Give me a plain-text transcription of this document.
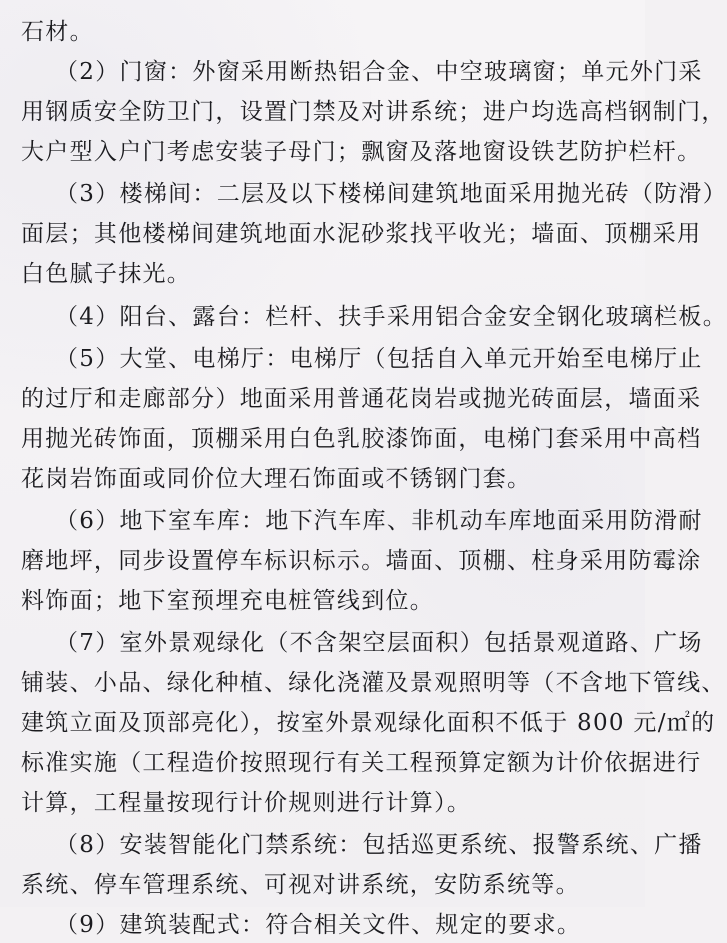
石材。
（2）门窗：外窗采用断热铝合金、中空玻璃窗；单元外门采
用钢质安全防卫门，设置门禁及对讲系统；进户均选高档钢制门，
大户型入户门考虑安装子母门；飘窗及落地窗设铁艺防护栏杆。
（3）楼梯间：二层及以下楼梯间建筑地面采用抛光砖（防滑）
面层；其他楼梯间建筑地面水泥砂浆找平收光；墙面、顶棚采用
白色腻子抹光。
（4）阳台、露台：栏杆、扶手采用铝合金安全钢化玻璃栏板。
（5）大堂、电梯厅：电梯厅（包括自入单元开始至电梯厅止
的过厅和走廊部分）地面采用普通花岗岩或抛光砖面层，墙面采
用抛光砖饰面，顶棚采用白色乳胶漆饰面，电梯门套采用中高档
花岗岩饰面或同价位大理石饰面或不锈钢门套。
（6）地下室车库：地下汽车库、非机动车库地面采用防滑耐
磨地坪，同步设置停车标识标示。墙面、顶棚、柱身采用防霉涂
料饰面；地下室预埋充电桩管线到位。
（7）室外景观绿化（不含架空层面积）包括景观道路、广场
铺装、小品、绿化种植、绿化浇灌及景观照明等（不含地下管线、
建筑立面及顶部亮化），按室外景观绿化面积不低于 800 元/㎡的
标准实施（工程造价按照现行有关工程预算定额为计价依据进行
计算，工程量按现行计价规则进行计算）。
（8）安装智能化门禁系统：包括巡更系统、报警系统、广播
系统、停车管理系统、可视对讲系统，安防系统等。
（9）建筑装配式：符合相关文件、规定的要求。
